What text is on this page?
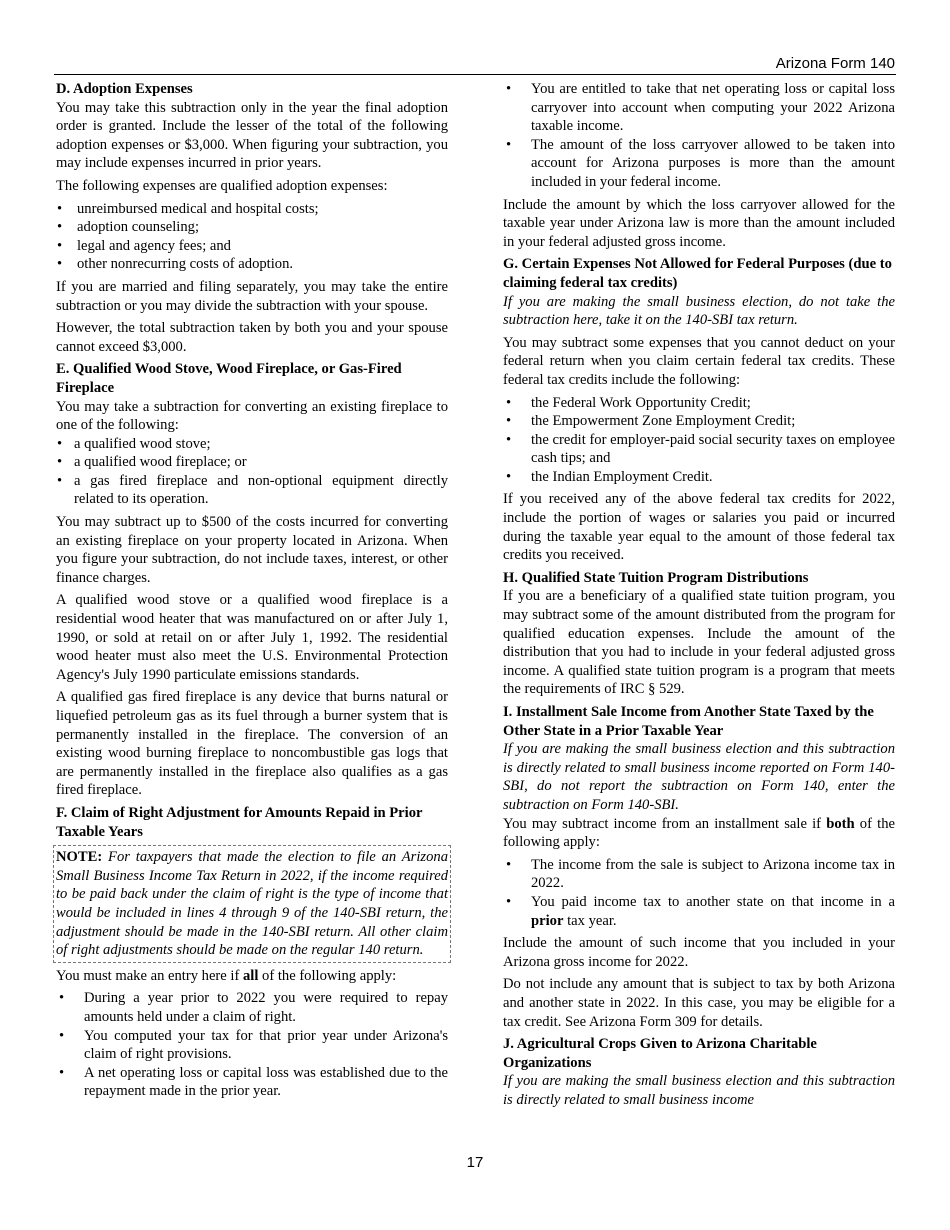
Arizona Form 140
D. Adoption Expenses

You may take this subtraction only in the year the final adoption order is granted. Include the lesser of the total of the following adoption expenses or $3,000. When figuring your subtraction, you may include expenses incurred in prior years.

The following expenses are qualified adoption expenses:

• unreimbursed medical and hospital costs;
• adoption counseling;
• legal and agency fees; and
• other nonrecurring costs of adoption.

If you are married and filing separately, you may take the entire subtraction or you may divide the subtraction with your spouse.

However, the total subtraction taken by both you and your spouse cannot exceed $3,000.

E. Qualified Wood Stove, Wood Fireplace, or Gas-Fired Fireplace

You may take a subtraction for converting an existing fireplace to one of the following:

• a qualified wood stove;
• a qualified wood fireplace; or
• a gas fired fireplace and non-optional equipment directly related to its operation.

You may subtract up to $500 of the costs incurred for converting an existing fireplace on your property located in Arizona. When you figure your subtraction, do not include taxes, interest, or other finance charges.

A qualified wood stove or a qualified wood fireplace is a residential wood heater that was manufactured on or after July 1, 1990, or sold at retail on or after July 1, 1992. The residential wood heater must also meet the U.S. Environmental Protection Agency's July 1990 particulate emissions standards.

A qualified gas fired fireplace is any device that burns natural or liquefied petroleum gas as its fuel through a burner system that is permanently installed in the fireplace. The conversion of an existing wood burning fireplace to noncombustible gas logs that are permanently installed in the fireplace also qualifies as a gas fired fireplace.

F. Claim of Right Adjustment for Amounts Repaid in Prior Taxable Years
NOTE: For taxpayers that made the election to file an Arizona Small Business Income Tax Return in 2022, if the income required to be paid back under the claim of right is the type of income that would be included in lines 4 through 9 of the 140-SBI return, the adjustment should be made in the 140-SBI return. All other claim of right adjustments should be made on the regular 140 return.

You must make an entry here if all of the following apply:

• During a year prior to 2022 you were required to repay amounts held under a claim of right.
• You computed your tax for that prior year under Arizona's claim of right provisions.
• A net operating loss or capital loss was established due to the repayment made in the prior year.
• You are entitled to take that net operating loss or capital loss carryover into account when computing your 2022 Arizona taxable income.
• The amount of the loss carryover allowed to be taken into account for Arizona purposes is more than the amount included in your federal income.

Include the amount by which the loss carryover allowed for the taxable year under Arizona law is more than the amount included in your federal adjusted gross income.

G. Certain Expenses Not Allowed for Federal Purposes (due to claiming federal tax credits)

If you are making the small business election, do not take the subtraction here, take it on the 140-SBI tax return.

You may subtract some expenses that you cannot deduct on your federal return when you claim certain federal tax credits. These federal tax credits include the following:

• the Federal Work Opportunity Credit;
• the Empowerment Zone Employment Credit;
• the credit for employer-paid social security taxes on employee cash tips; and
• the Indian Employment Credit.

If you received any of the above federal tax credits for 2022, include the portion of wages or salaries you paid or incurred during the taxable year equal to the amount of those federal tax credits you received.

H. Qualified State Tuition Program Distributions

If you are a beneficiary of a qualified state tuition program, you may subtract some of the amount distributed from the program for qualified education expenses. Include the amount of the distribution that you had to include in your federal adjusted gross income. A qualified state tuition program is a program that meets the requirements of IRC § 529.

I. Installment Sale Income from Another State Taxed by the Other State in a Prior Taxable Year

If you are making the small business election and this subtraction is directly related to small business income reported on Form 140-SBI, do not report the subtraction on Form 140, enter the subtraction on Form 140-SBI.

You may subtract income from an installment sale if both of the following apply:

• The income from the sale is subject to Arizona income tax in 2022.
• You paid income tax to another state on that income in a prior tax year.

Include the amount of such income that you included in your Arizona gross income for 2022.

Do not include any amount that is subject to tax by both Arizona and another state in 2022. In this case, you may be eligible for a tax credit. See Arizona Form 309 for details.

J. Agricultural Crops Given to Arizona Charitable Organizations

If you are making the small business election and this subtraction is directly related to small business income

17
